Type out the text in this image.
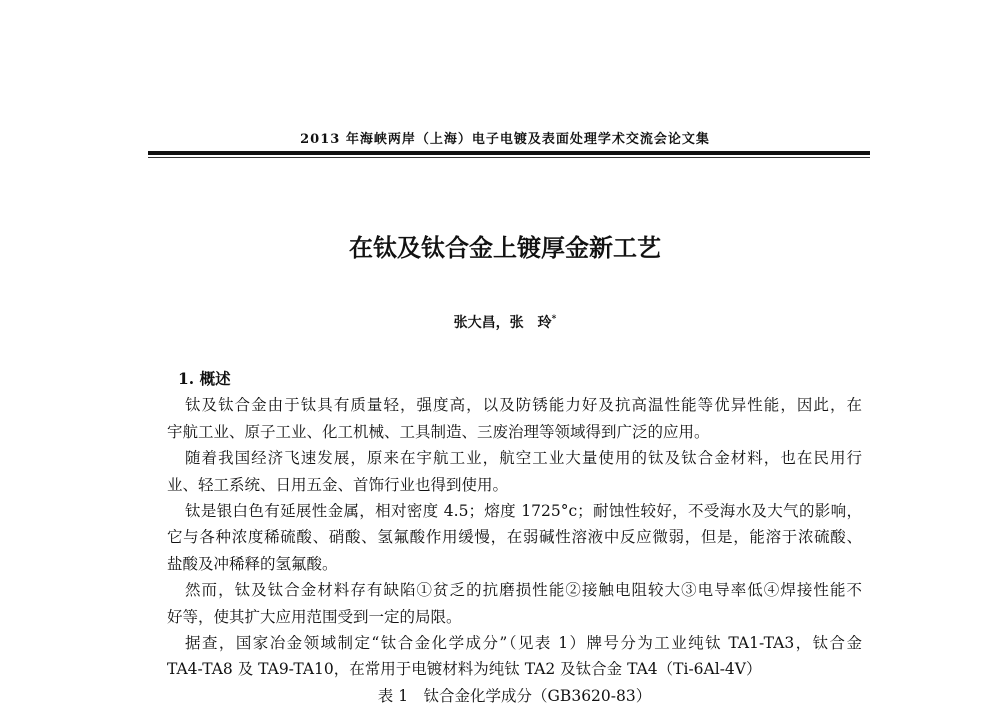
2013 年海峡两岸（上海）电子电镀及表面处理学术交流会论文集
在钛及钛合金上镀厚金新工艺
张大昌，张　玲*
1. 概述
钛及钛合金由于钛具有质量轻，强度高，以及防锈能力好及抗高温性能等优异性能，因此，在
宇航工业、原子工业、化工机械、工具制造、三废治理等领域得到广泛的应用。
随着我国经济飞速发展，原来在宇航工业，航空工业大量使用的钛及钛合金材料，也在民用行
业、轻工系统、日用五金、首饰行业也得到使用。
钛是银白色有延展性金属，相对密度 4.5；熔度 1725°c；耐蚀性较好，不受海水及大气的影响，
它与各种浓度稀硫酸、硝酸、氢氟酸作用缓慢，在弱碱性溶液中反应微弱，但是，能溶于浓硫酸、
盐酸及冲稀释的氢氟酸。
然而，钛及钛合金材料存有缺陷①贫乏的抗磨损性能②接触电阻较大③电导率低④焊接性能不
好等，使其扩大应用范围受到一定的局限。
据查，国家冶金领域制定“钛合金化学成分”（见表 1）牌号分为工业纯钛 TA1-TA3，钛合金
TA4-TA8 及 TA9-TA10，在常用于电镀材料为纯钛 TA2 及钛合金 TA4（Ti-6Al-4V）
表 1　钛合金化学成分（GB3620-83）
